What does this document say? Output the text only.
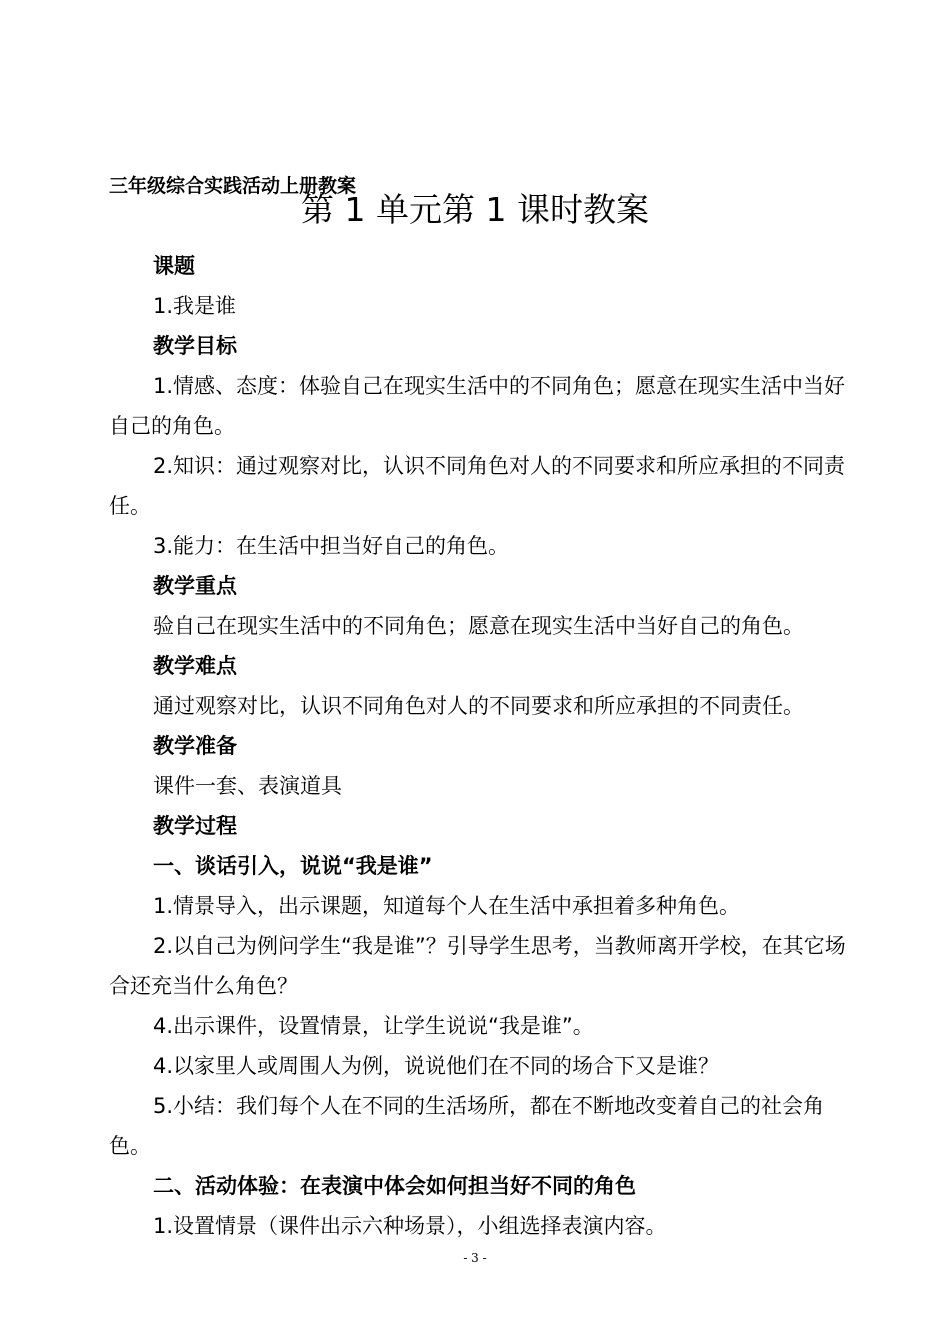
三年级综合实践活动上册教案
第 1 单元第 1 课时教案

课题

1.我是谁

教学目标

1.情感、态度：体验自己在现实生活中的不同角色；愿意在现实生活中当好自己的角色。

2.知识：通过观察对比，认识不同角色对人的不同要求和所应承担的不同责任。

3.能力：在生活中担当好自己的角色。

教学重点

验自己在现实生活中的不同角色；愿意在现实生活中当好自己的角色。

教学难点

通过观察对比，认识不同角色对人的不同要求和所应承担的不同责任。

教学准备

课件一套、表演道具

教学过程

一、谈话引入，说说“我是谁”

1.情景导入，出示课题，知道每个人在生活中承担着多种角色。

2.以自己为例问学生“我是谁”？引导学生思考，当教师离开学校，在其它场合还充当什么角色？

4.出示课件，设置情景，让学生说说“我是谁”。

4.以家里人或周围人为例，说说他们在不同的场合下又是谁？

5.小结：我们每个人在不同的生活场所，都在不断地改变着自己的社会角色。

二、活动体验：在表演中体会如何担当好不同的角色

1.设置情景（课件出示六种场景），小组选择表演内容。

- 3 -
